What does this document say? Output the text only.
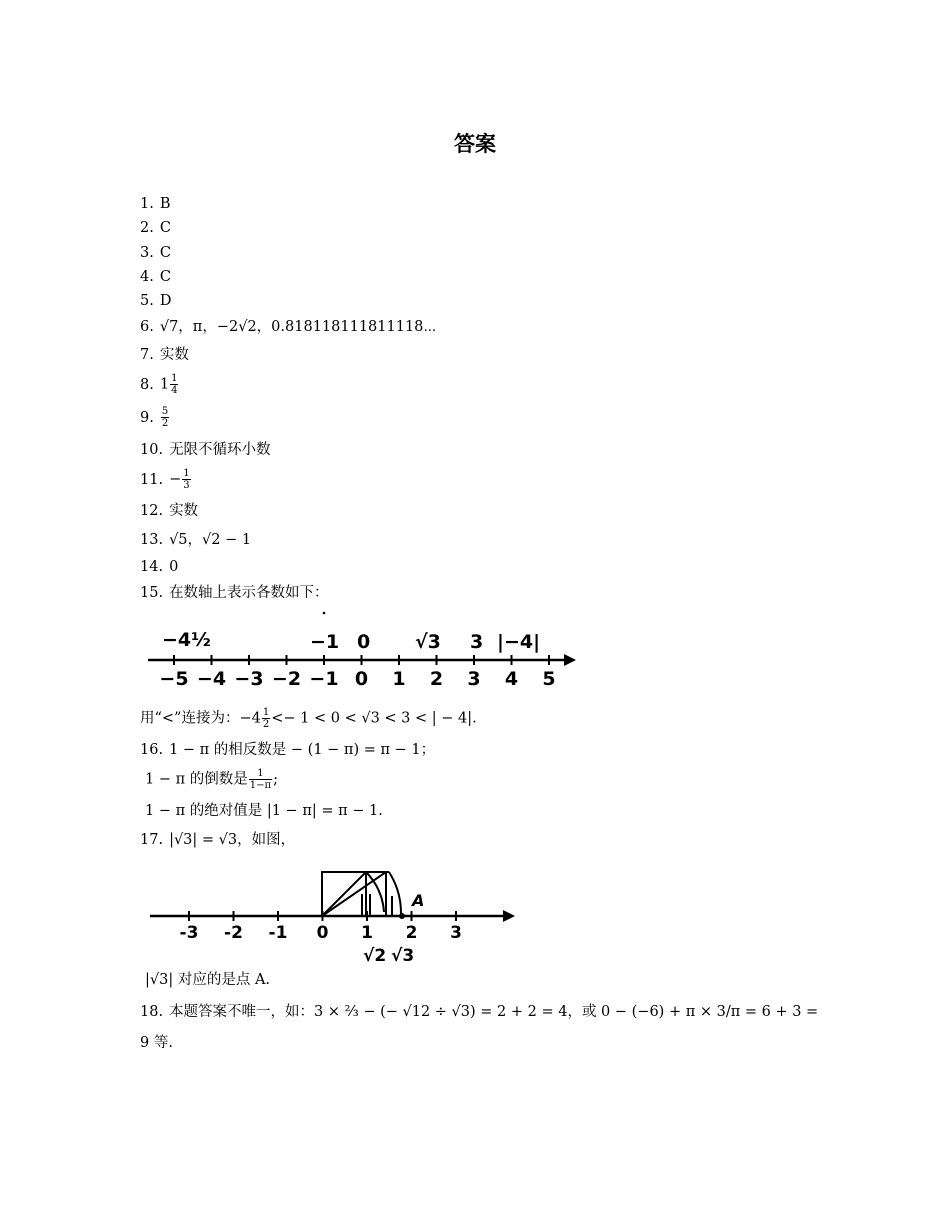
答案
1. B
2. C
3. C
4. C
5. D
6. √7，π，−2√2，0.818118111811118⋯
7. 实数
8. $1 \frac{1}{4}$
9. $\frac{5}{2}$
10. 无限不循环小数
11. − $\frac{1}{3}$
12. 实数
13. √5，√2 − 1
14. 0
15. 在数轴上表示各数如下：
−4½	−1 0 √3 3 |−4|
−5 −4 −3 −2 −1 0 1 2 3 4 5
用“<”连接为：$-4 \frac{1}{2} <- 1 < 0 < √3 < 3$ < | − 4|.
16. 1 − π 的相反数是 − (1 − π) = π − 1；
1 − π 的倒数是 $\frac{1}{1-\pi}$ ;
1 − π 的绝对值是 |1 − π| = π − 1.
17. |√3| = √3，如图，
A
-3 -2 -1 0 1 2 3
√2 √3
|√3| 对应的是点 A.
18. 本题答案不唯一，如：3 × ⅔ − (− √12 ÷ √3) = 2 + 2 = 4，或 0 − (−6) + π × 3/π = 6 + 3 =
9 等.
